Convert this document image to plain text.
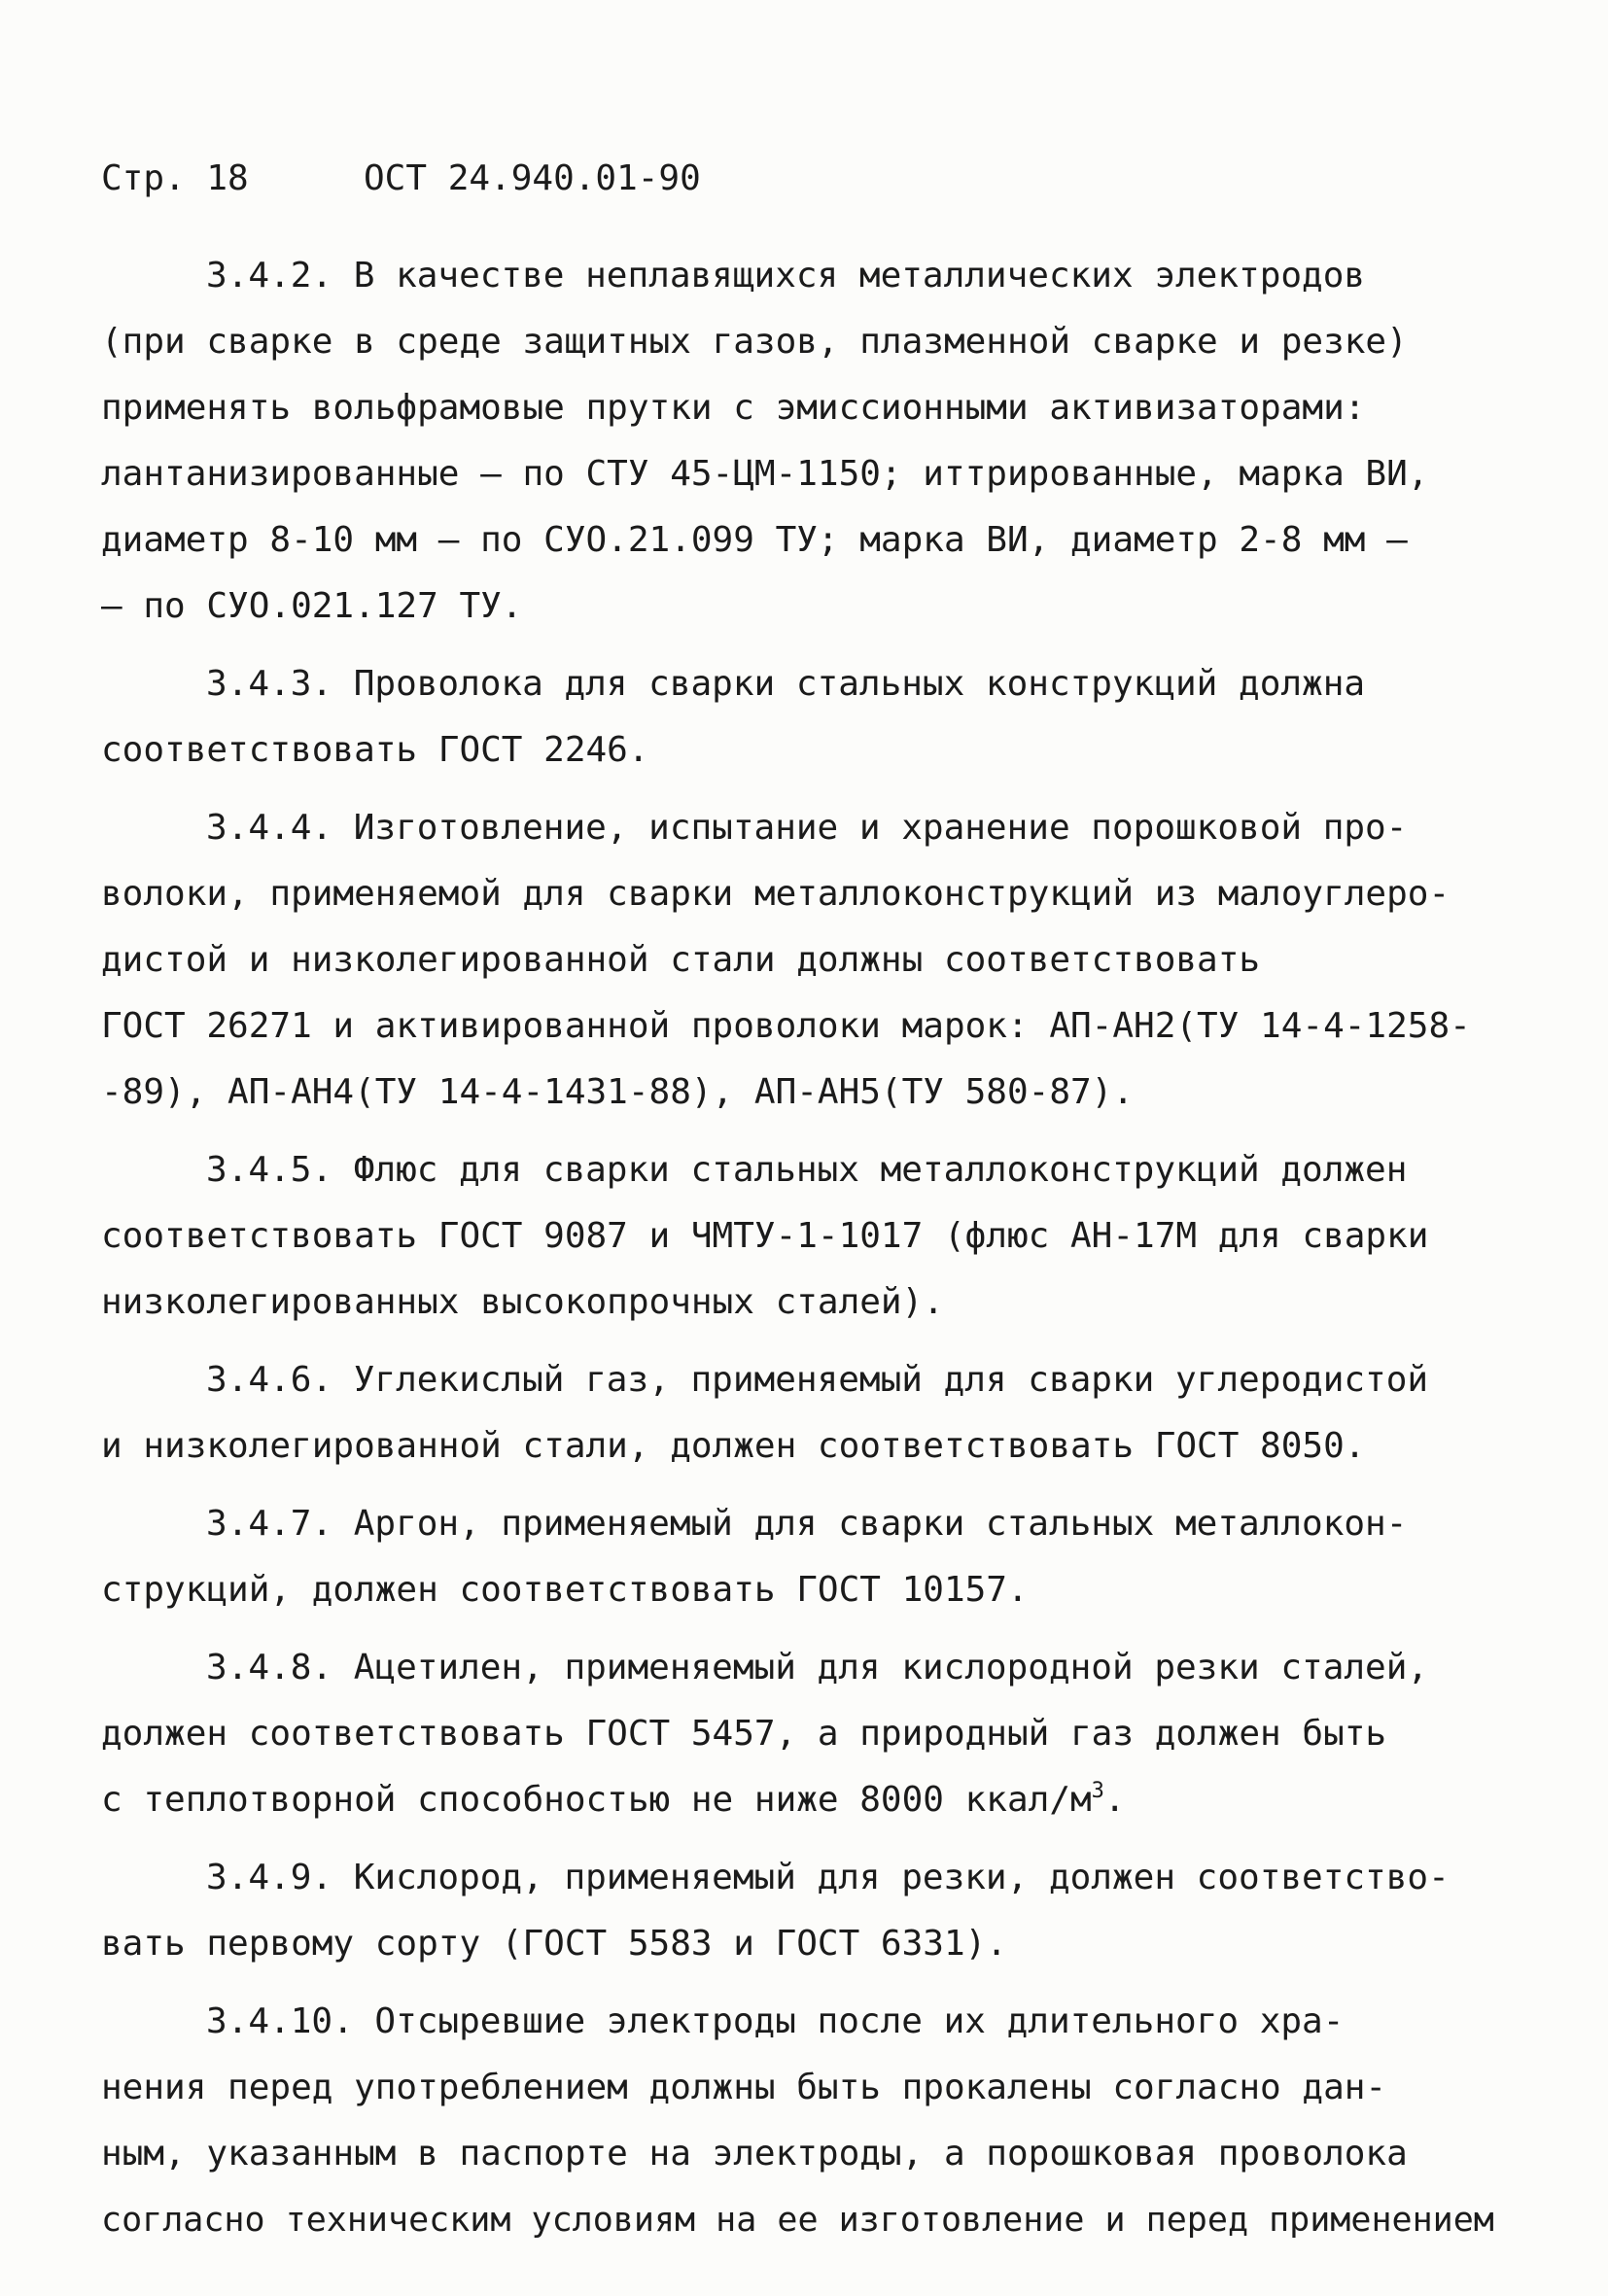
Стр. 18	ОСТ 24.940.01-90
3.4.2. В качестве неплавящихся металлических электродов
(при сварке в среде защитных газов, плазменной сварке и резке)
применять вольфрамовые прутки с эмиссионными активизаторами:
лантанизированные – по СТУ 45-ЦМ-1150; иттрированные, марка ВИ,
диаметр 8-10 мм – по СУО.21.099 ТУ; марка ВИ, диаметр 2-8 мм –
– по СУО.021.127 ТУ.
3.4.3. Проволока для сварки стальных конструкций должна
соответствовать ГОСТ 2246.
3.4.4. Изготовление, испытание и хранение порошковой про-
волоки, применяемой для сварки металлоконструкций из малоуглеро-
дистой и низколегированной стали должны соответствовать
ГОСТ 26271 и активированной проволоки марок: АП-АН2(ТУ 14-4-1258-
-89), АП-АН4(ТУ 14-4-1431-88), АП-АН5(ТУ 580-87).
3.4.5. Флюс для сварки стальных металлоконструкций должен
соответствовать ГОСТ 9087 и ЧМТУ-1-1017 (флюс АН-17М для сварки
низколегированных высокопрочных сталей).
3.4.6. Углекислый газ, применяемый для сварки углеродистой
и низколегированной стали, должен соответствовать ГОСТ 8050.
3.4.7. Аргон, применяемый для сварки стальных металлокон-
струкций, должен соответствовать ГОСТ 10157.
3.4.8. Ацетилен, применяемый для кислородной резки сталей,
должен соответствовать ГОСТ 5457, а природный газ должен быть
с теплотворной способностью не ниже 8000 ккал/$м^3$.
3.4.9. Кислород, применяемый для резки, должен соответство-
вать первому сорту (ГОСТ 5583 и ГОСТ 6331).
3.4.10. Отсыревшие электроды после их длительного хра-
нения перед употреблением должны быть прокалены согласно дан-
ным, указанным в паспорте на электроды, а порошковая проволока
согласно техническим условиям на ее изготовление и перед применением
